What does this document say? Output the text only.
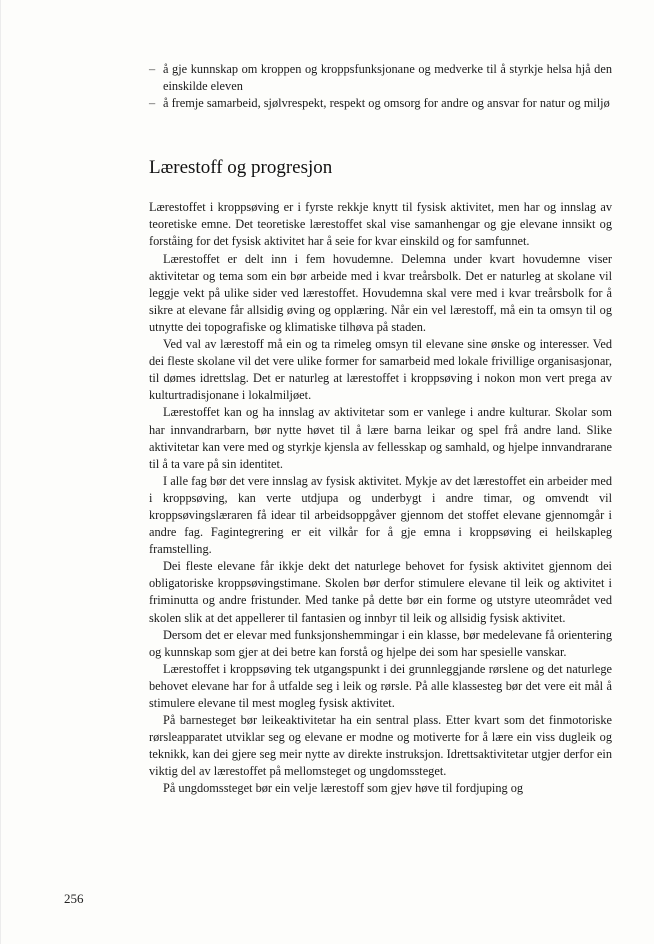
– å gje kunnskap om kroppen og kroppsfunksjonane og medverke til å styrkje helsa hjå den einskilde eleven
– å fremje samarbeid, sjølvrespekt, respekt og omsorg for andre og ansvar for natur og miljø
Lærestoff og progresjon

Lærestoffet i kroppsøving er i fyrste rekkje knytt til fysisk aktivitet, men har og innslag av teoretiske emne. Det teoretiske lærestoffet skal vise samanhengar og gje elevane innsikt og forståing for det fysisk aktivitet har å seie for kvar einskild og for samfunnet.

Lærestoffet er delt inn i fem hovudemne. Delemna under kvart hovudemne viser aktivitetar og tema som ein bør arbeide med i kvar treårsbolk. Det er naturleg at skolane vil leggje vekt på ulike sider ved lærestoffet. Hovudemna skal vere med i kvar treårsbolk for å sikre at elevane får allsidig øving og opplæring. Når ein vel lærestoff, må ein ta omsyn til og utnytte dei topografiske og klimatiske tilhøva på staden.

Ved val av lærestoff må ein og ta rimeleg omsyn til elevane sine ønske og interesser. Ved dei fleste skolane vil det vere ulike former for samarbeid med lokale frivillige organisasjonar, til dømes idrettslag. Det er naturleg at lærestoffet i kroppsøving i nokon mon vert prega av kulturtradisjonane i lokalmiljøet.

Lærestoffet kan og ha innslag av aktivitetar som er vanlege i andre kulturar. Skolar som har innvandrarbarn, bør nytte høvet til å lære barna leikar og spel frå andre land. Slike aktivitetar kan vere med og styrkje kjensla av fellesskap og samhald, og hjelpe innvandrarane til å ta vare på sin identitet.

I alle fag bør det vere innslag av fysisk aktivitet. Mykje av det lærestoffet ein arbeider med i kroppsøving, kan verte utdjupa og underbygt i andre timar, og omvendt vil kroppsøvingslæraren få idear til arbeidsoppgåver gjennom det stoffet elevane gjennomgår i andre fag. Fagintegrering er eit vilkår for å gje emna i kroppsøving ei heilskapleg framstelling.

Dei fleste elevane får ikkje dekt det naturlege behovet for fysisk aktivitet gjennom dei obligatoriske kroppsøvingstimane. Skolen bør derfor stimulere elevane til leik og aktivitet i friminutta og andre fristunder. Med tanke på dette bør ein forme og utstyre uteområdet ved skolen slik at det appellerer til fantasien og innbyr til leik og allsidig fysisk aktivitet.

Dersom det er elevar med funksjonshemmingar i ein klasse, bør medelevane få orientering og kunnskap som gjer at dei betre kan forstå og hjelpe dei som har spesielle vanskar.

Lærestoffet i kroppsøving tek utgangspunkt i dei grunnleggjande rørslene og det naturlege behovet elevane har for å utfalde seg i leik og rørsle. På alle klassesteg bør det vere eit mål å stimulere elevane til mest mogleg fysisk aktivitet.

På barnesteget bør leikeaktivitetar ha ein sentral plass. Etter kvart som det finmotoriske rørsleapparatet utviklar seg og elevane er modne og motiverte for å lære ein viss dugleik og teknikk, kan dei gjere seg meir nytte av direkte instruksjon. Idrettsaktivitetar utgjer derfor ein viktig del av lærestoffet på mellomsteget og ungdomssteget.

På ungdomssteget bør ein velje lærestoff som gjev høve til fordjuping og

256
